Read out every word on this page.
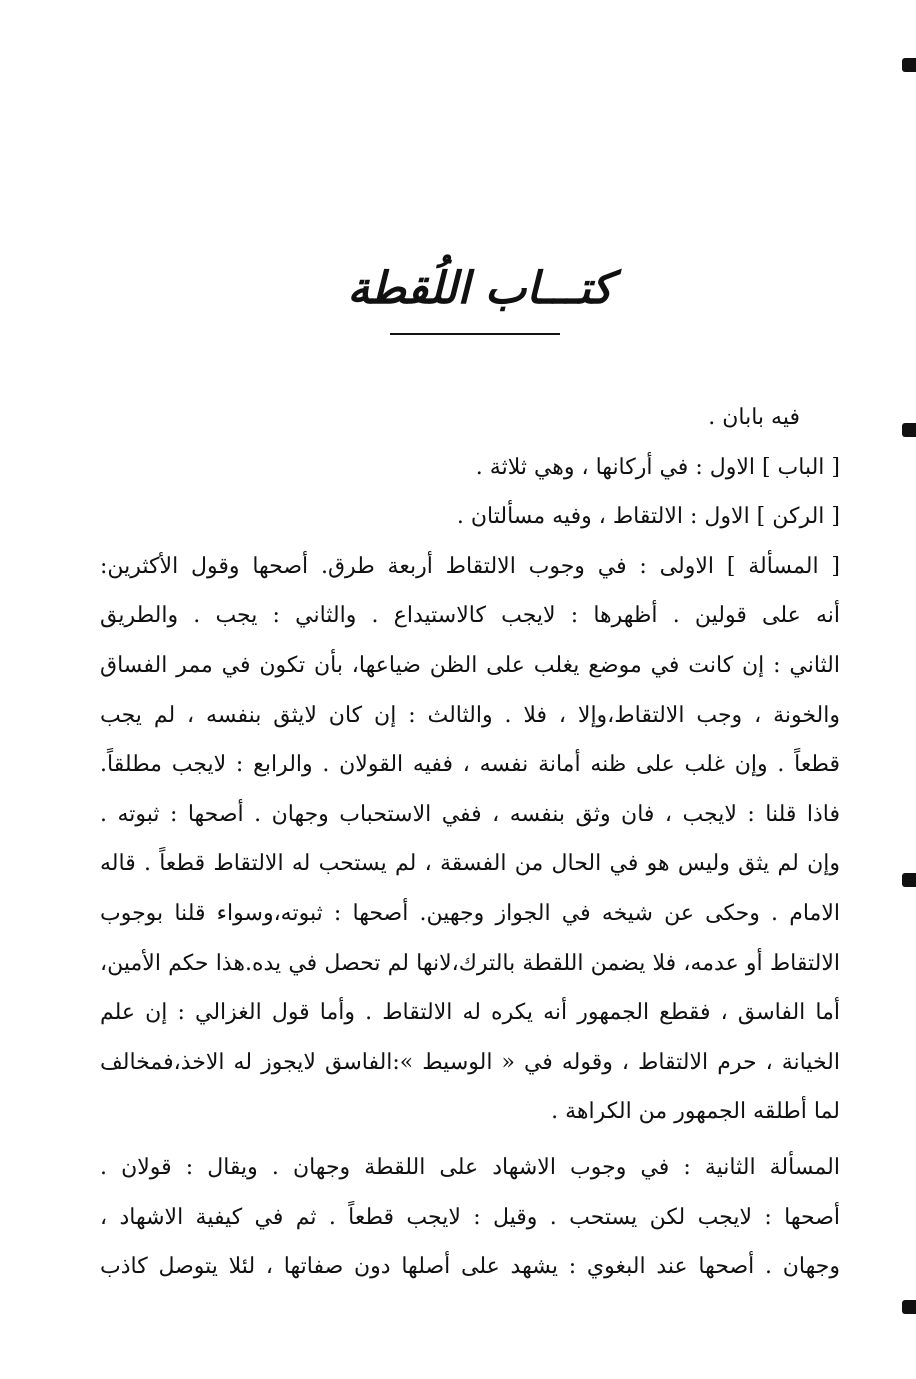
كتـــاب اللُقطة
فيه بابان .
[ الباب ] الاول : في أركانها ، وهي ثلاثة .
[ الركن ] الاول : الالتقاط ، وفيه مسألتان .
[ المسألة ] الاولى : في وجوب الالتقاط أربعة طرق. أصحها وقول الأكثرين:
أنه على قولين . أظهرها : لايجب كالاستيداع . والثاني : يجب . والطريق
الثاني : إن كانت في موضع يغلب على الظن ضياعها، بأن تكون في ممر الفساق
والخونة ، وجب الالتقاط،وإلا ، فلا . والثالث : إن كان لايثق بنفسه ، لم يجب
قطعاً . وإن غلب على ظنه أمانة نفسه ، ففيه القولان . والرابع : لايجب مطلقاً.
فاذا قلنا : لايجب ، فان وثق بنفسه ، ففي الاستحباب وجهان . أصحها : ثبوته .
وإن لم يثق وليس هو في الحال من الفسقة ، لم يستحب له الالتقاط قطعاً . قاله
الامام . وحكى عن شيخه في الجواز وجهين. أصحها : ثبوته،وسواء قلنا بوجوب
الالتقاط أو عدمه، فلا يضمن اللقطة بالترك،لانها لم تحصل في يده.هذا حكم الأمين،
أما الفاسق ، فقطع الجمهور أنه يكره له الالتقاط . وأما قول الغزالي : إن علم
الخيانة ، حرم الالتقاط ، وقوله في « الوسيط »:الفاسق لايجوز له الاخذ،فمخالف
لما أطلقه الجمهور من الكراهة .
المسألة الثانية : في وجوب الاشهاد على اللقطة وجهان . ويقال : قولان .
أصحها : لايجب لكن يستحب . وقيل : لايجب قطعاً . ثم في كيفية الاشهاد ،
وجهان . أصحها عند البغوي : يشهد على أصلها دون صفاتها ، لئلا يتوصل كاذب
